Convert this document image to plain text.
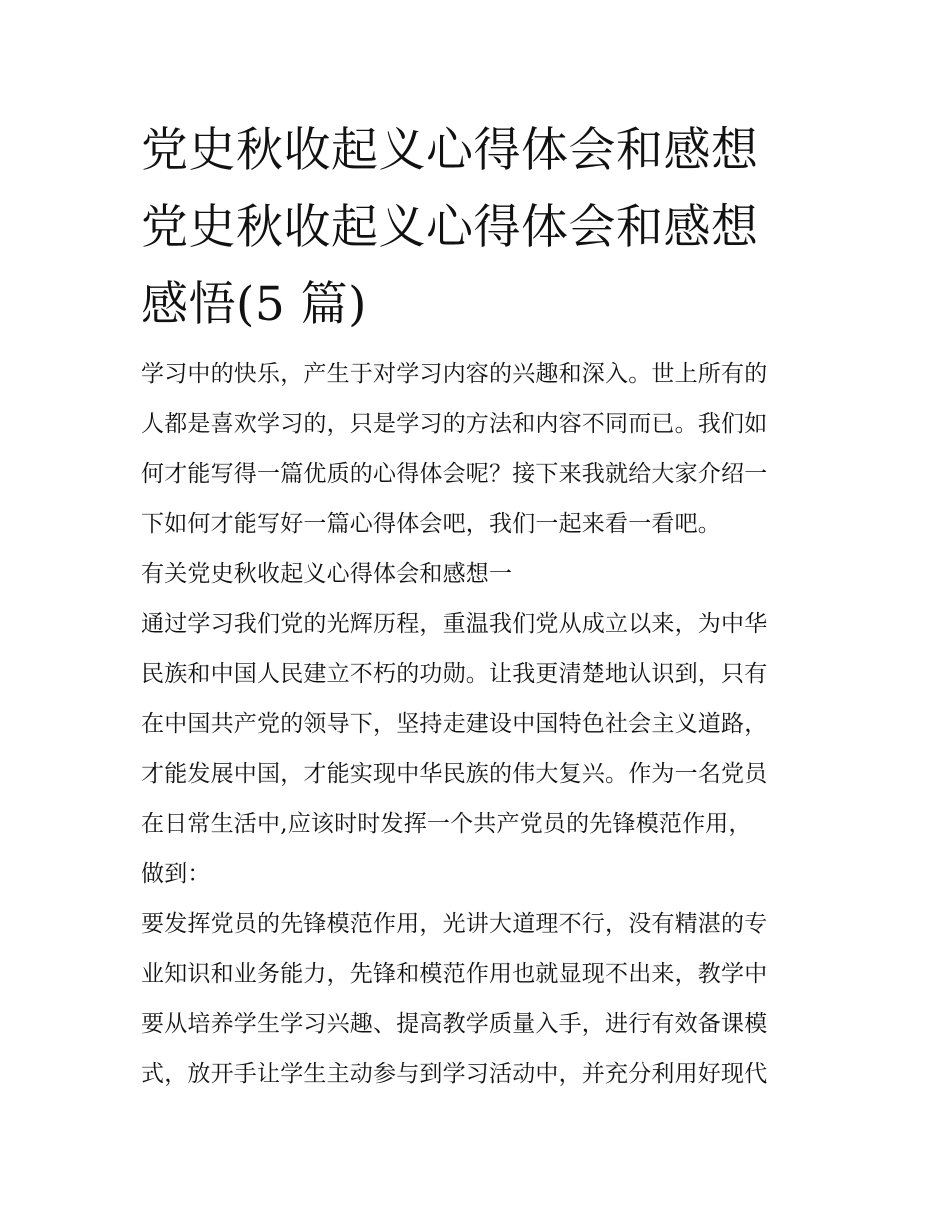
党史秋收起义心得体会和感想
党史秋收起义心得体会和感想
感悟(5 篇)

学习中的快乐，产生于对学习内容的兴趣和深入。世上所有的

人都是喜欢学习的，只是学习的方法和内容不同而已。我们如

何才能写得一篇优质的心得体会呢？接下来我就给大家介绍一

下如何才能写好一篇心得体会吧，我们一起来看一看吧。

有关党史秋收起义心得体会和感想一

通过学习我们党的光辉历程，重温我们党从成立以来，为中华

民族和中国人民建立不朽的功勋。让我更清楚地认识到，只有

在中国共产党的领导下，坚持走建设中国特色社会主义道路，

才能发展中国，才能实现中华民族的伟大复兴。作为一名党员

在日常生活中,应该时时发挥一个共产党员的先锋模范作用，

做到：

要发挥党员的先锋模范作用，光讲大道理不行，没有精湛的专

业知识和业务能力，先锋和模范作用也就显现不出来，教学中

要从培养学生学习兴趣、提高教学质量入手，进行有效备课模

式，放开手让学生主动参与到学习活动中，并充分利用好现代
